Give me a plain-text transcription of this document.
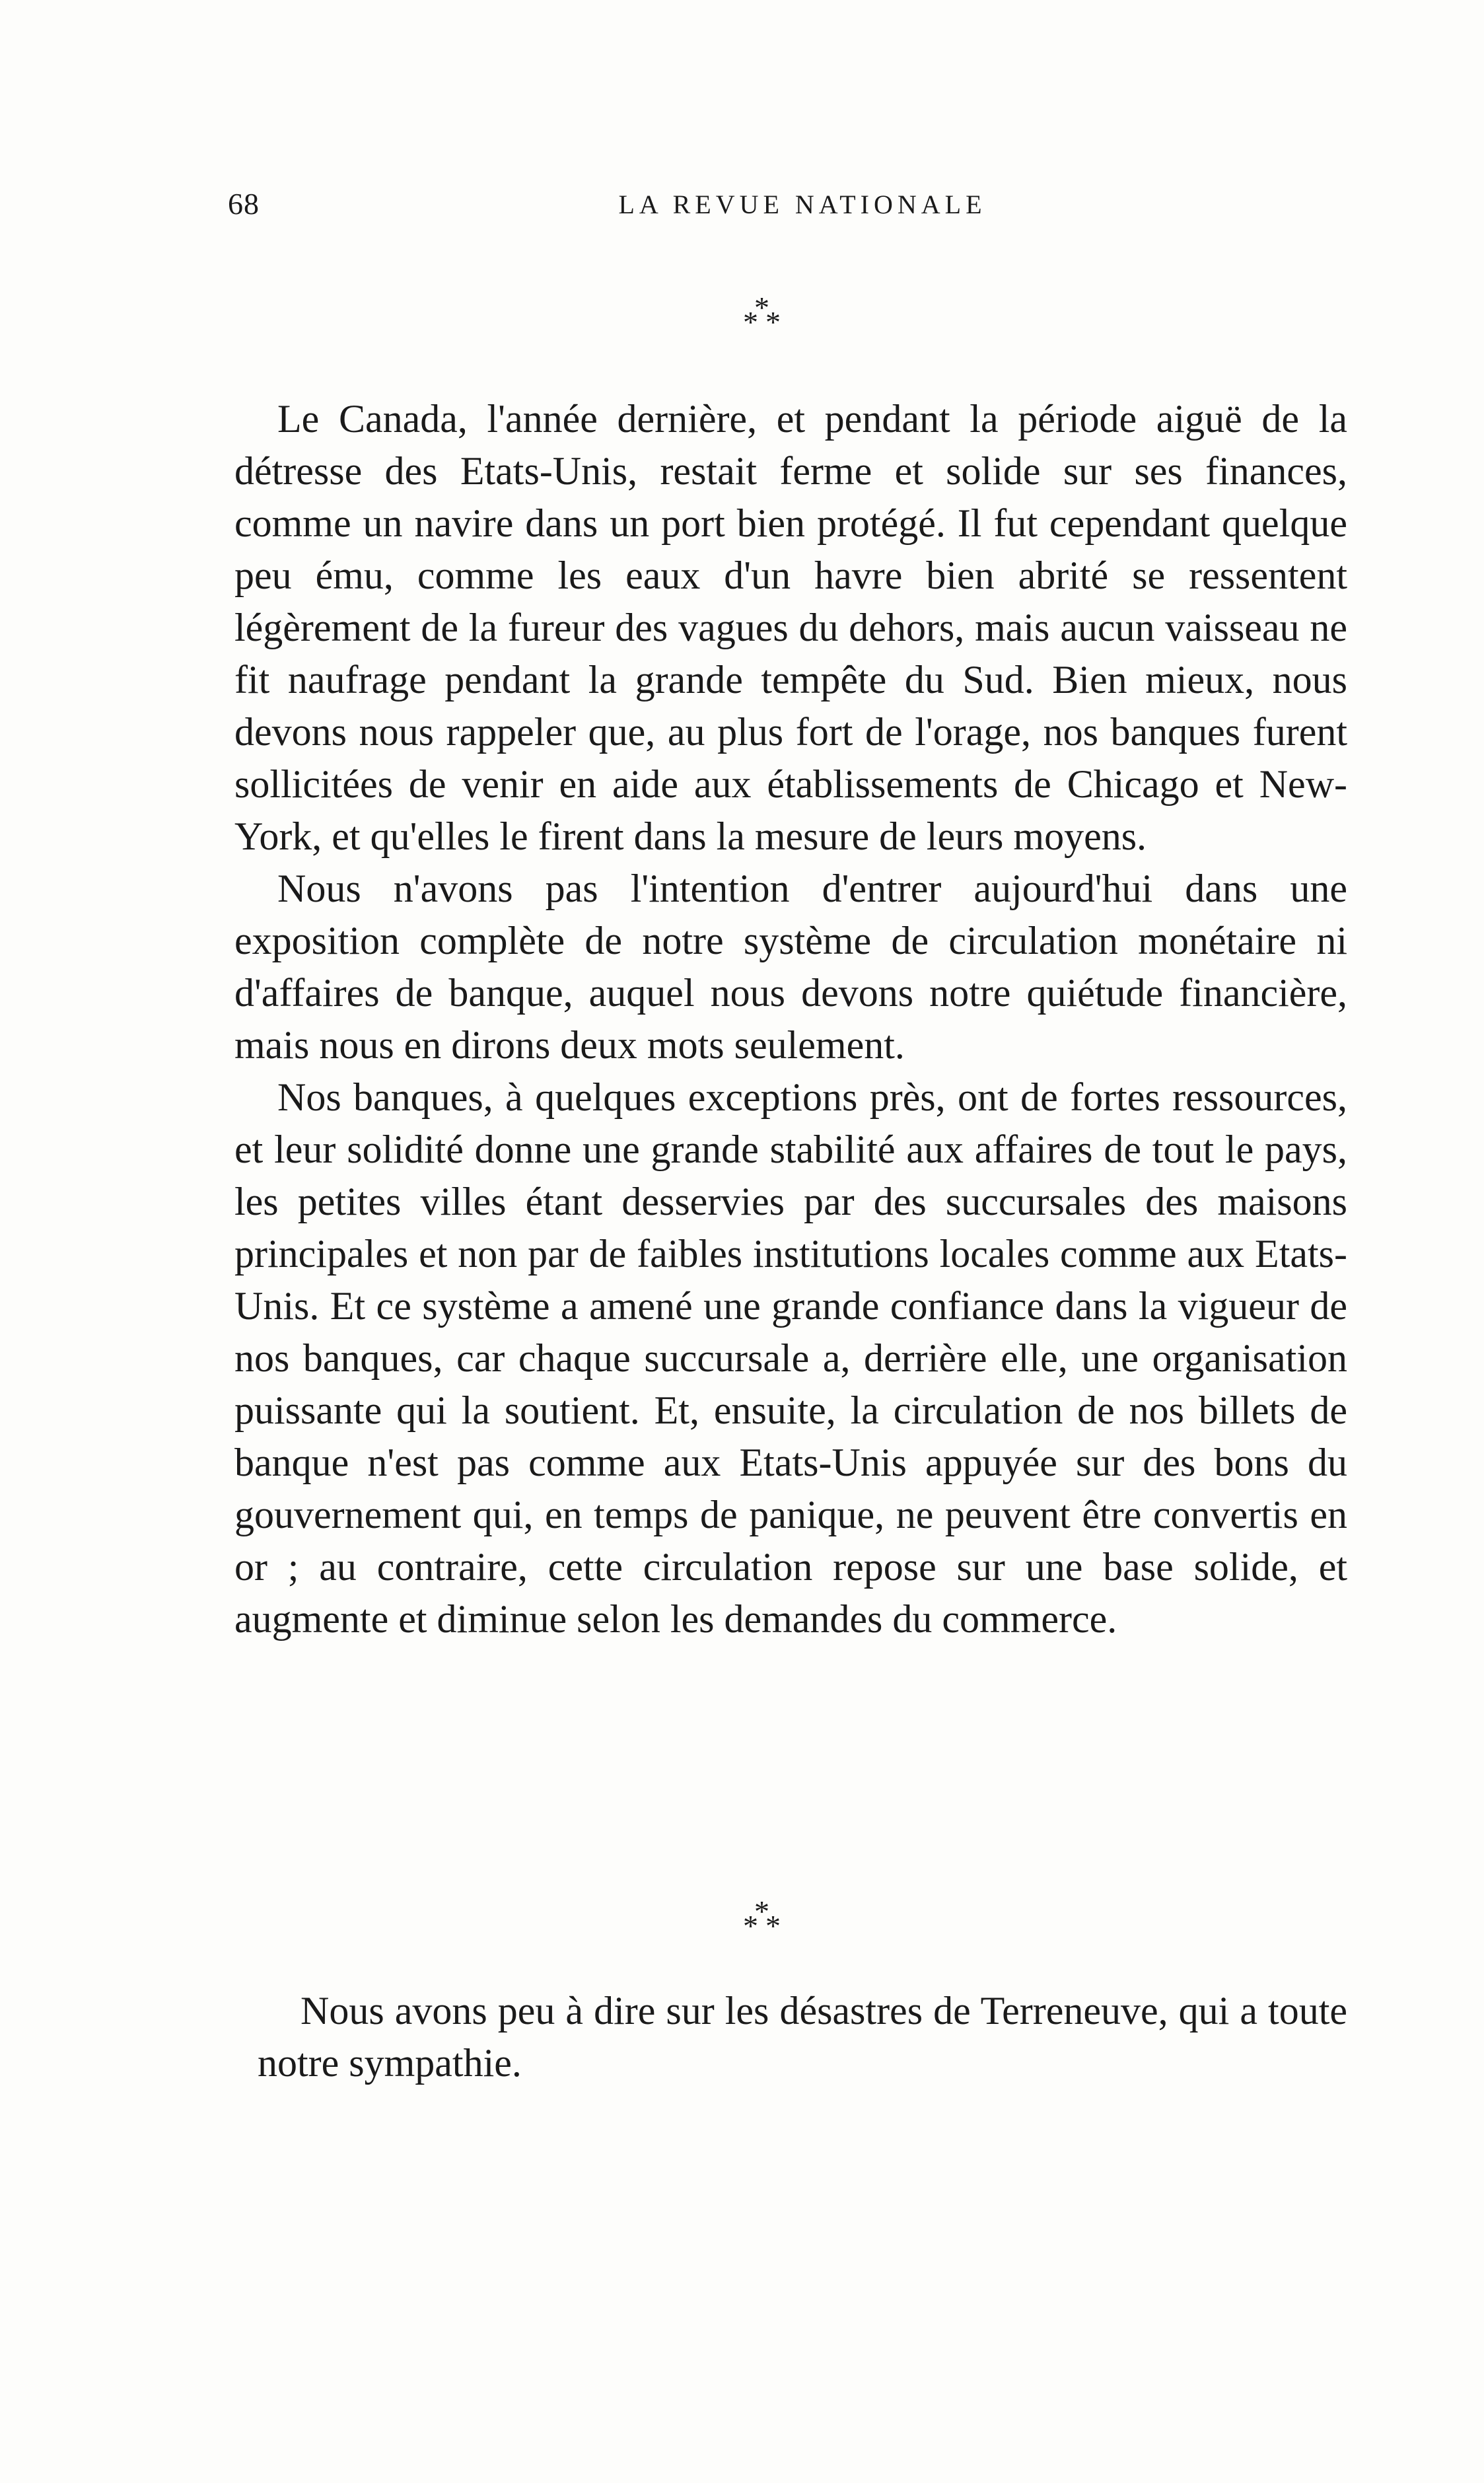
68	LA REVUE NATIONALE
***

Le Canada, l'année dernière, et pendant la période aiguë de la détresse des Etats-Unis, restait ferme et solide sur ses finances, comme un navire dans un port bien protégé. Il fut cependant quelque peu ému, comme les eaux d'un havre bien abrité se ressentent légèrement de la fureur des vagues du dehors, mais aucun vaisseau ne fit naufrage pendant la grande tempête du Sud. Bien mieux, nous devons nous rappeler que, au plus fort de l'orage, nos banques furent sollicitées de venir en aide aux établissements de Chicago et New-York, et qu'elles le firent dans la mesure de leurs moyens.

Nous n'avons pas l'intention d'entrer aujourd'hui dans une exposition complète de notre système de circulation monétaire ni d'affaires de banque, auquel nous devons notre quiétude financière, mais nous en dirons deux mots seulement.

Nos banques, à quelques exceptions près, ont de fortes ressources, et leur solidité donne une grande stabilité aux affaires de tout le pays, les petites villes étant desservies par des succursales des maisons principales et non par de faibles institutions locales comme aux Etats-Unis. Et ce système a amené une grande confiance dans la vigueur de nos banques, car chaque succursale a, derrière elle, une organisation puissante qui la soutient. Et, ensuite, la circulation de nos billets de banque n'est pas comme aux Etats-Unis appuyée sur des bons du gouvernement qui, en temps de panique, ne peuvent être convertis en or ; au contraire, cette circulation repose sur une base solide, et augmente et diminue selon les demandes du commerce.

***

Nous avons peu à dire sur les désastres de Terreneuve, qui a toute notre sympathie.
